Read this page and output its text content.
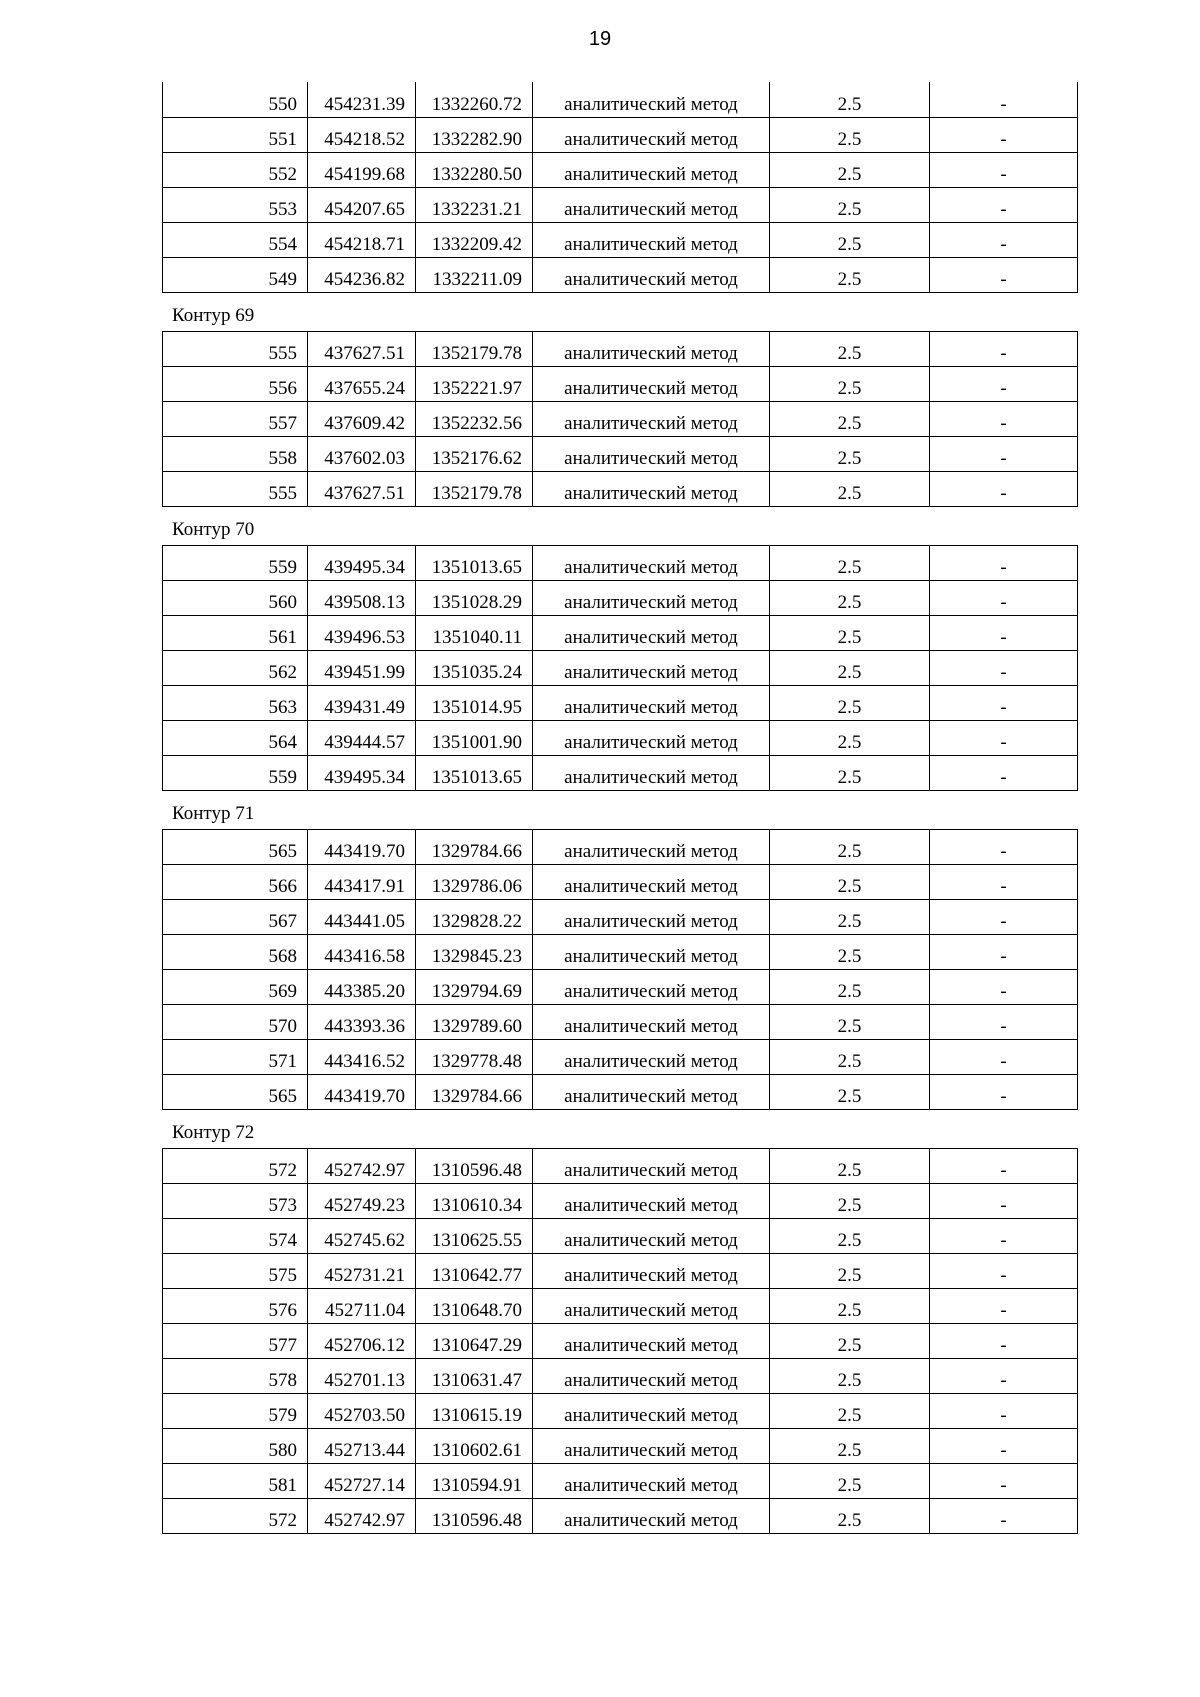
19
550	454231.39	1332260.72	аналитический метод	2.5	-
551	454218.52	1332282.90	аналитический метод	2.5	-
552	454199.68	1332280.50	аналитический метод	2.5	-
553	454207.65	1332231.21	аналитический метод	2.5	-
554	454218.71	1332209.42	аналитический метод	2.5	-
549	454236.82	1332211.09	аналитический метод	2.5	-
Контур 69
555	437627.51	1352179.78	аналитический метод	2.5	-
556	437655.24	1352221.97	аналитический метод	2.5	-
557	437609.42	1352232.56	аналитический метод	2.5	-
558	437602.03	1352176.62	аналитический метод	2.5	-
555	437627.51	1352179.78	аналитический метод	2.5	-
Контур 70
559	439495.34	1351013.65	аналитический метод	2.5	-
560	439508.13	1351028.29	аналитический метод	2.5	-
561	439496.53	1351040.11	аналитический метод	2.5	-
562	439451.99	1351035.24	аналитический метод	2.5	-
563	439431.49	1351014.95	аналитический метод	2.5	-
564	439444.57	1351001.90	аналитический метод	2.5	-
559	439495.34	1351013.65	аналитический метод	2.5	-
Контур 71
565	443419.70	1329784.66	аналитический метод	2.5	-
566	443417.91	1329786.06	аналитический метод	2.5	-
567	443441.05	1329828.22	аналитический метод	2.5	-
568	443416.58	1329845.23	аналитический метод	2.5	-
569	443385.20	1329794.69	аналитический метод	2.5	-
570	443393.36	1329789.60	аналитический метод	2.5	-
571	443416.52	1329778.48	аналитический метод	2.5	-
565	443419.70	1329784.66	аналитический метод	2.5	-
Контур 72
572	452742.97	1310596.48	аналитический метод	2.5	-
573	452749.23	1310610.34	аналитический метод	2.5	-
574	452745.62	1310625.55	аналитический метод	2.5	-
575	452731.21	1310642.77	аналитический метод	2.5	-
576	452711.04	1310648.70	аналитический метод	2.5	-
577	452706.12	1310647.29	аналитический метод	2.5	-
578	452701.13	1310631.47	аналитический метод	2.5	-
579	452703.50	1310615.19	аналитический метод	2.5	-
580	452713.44	1310602.61	аналитический метод	2.5	-
581	452727.14	1310594.91	аналитический метод	2.5	-
572	452742.97	1310596.48	аналитический метод	2.5	-
